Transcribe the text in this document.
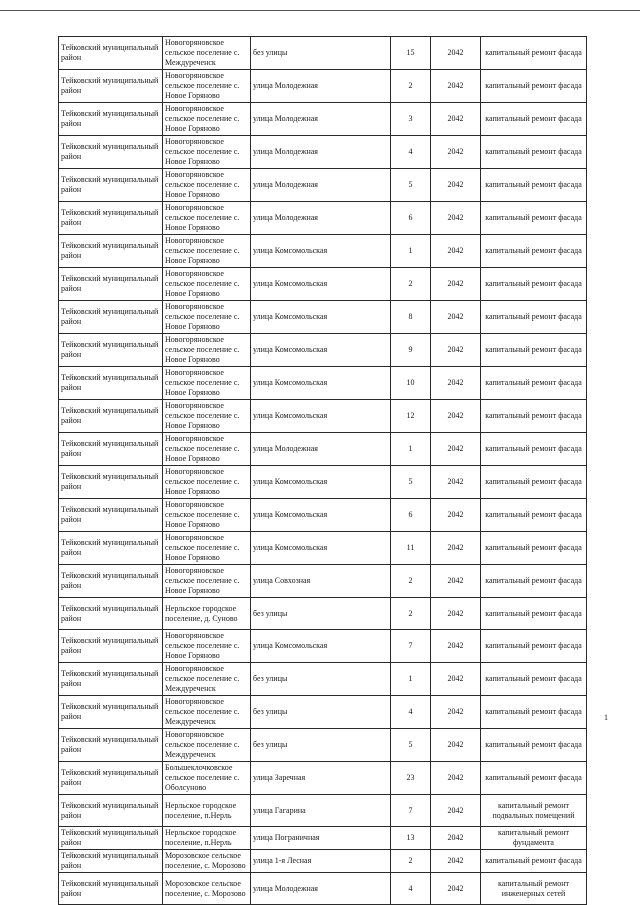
Тейковский муниципальный район	Новогоряновское сельское поселение с. Междуреченск	без улицы	15	2042	капитальный ремонт фасада
Тейковский муниципальный район	Новогоряновское сельское поселение с. Новое Горяново	улица Молодежная	2	2042	капитальный ремонт фасада
Тейковский муниципальный район	Новогоряновское сельское поселение с. Новое Горяново	улица Молодежная	3	2042	капитальный ремонт фасада
Тейковский муниципальный район	Новогоряновское сельское поселение с. Новое Горяново	улица Молодежная	4	2042	капитальный ремонт фасада
Тейковский муниципальный район	Новогоряновское сельское поселение с. Новое Горяново	улица Молодежная	5	2042	капитальный ремонт фасада
Тейковский муниципальный район	Новогоряновское сельское поселение с. Новое Горяново	улица Молодежная	6	2042	капитальный ремонт фасада
Тейковский муниципальный район	Новогоряновское сельское поселение с. Новое Горяново	улица Комсомольская	1	2042	капитальный ремонт фасада
Тейковский муниципальный район	Новогоряновское сельское поселение с. Новое Горяново	улица Комсомольская	2	2042	капитальный ремонт фасада
Тейковский муниципальный район	Новогоряновское сельское поселение с. Новое Горяново	улица Комсомольская	8	2042	капитальный ремонт фасада
Тейковский муниципальный район	Новогоряновское сельское поселение с. Новое Горяново	улица Комсомольская	9	2042	капитальный ремонт фасада
Тейковский муниципальный район	Новогоряновское сельское поселение с. Новое Горяново	улица Комсомольская	10	2042	капитальный ремонт фасада
Тейковский муниципальный район	Новогоряновское сельское поселение с. Новое Горяново	улица Комсомольская	12	2042	капитальный ремонт фасада
Тейковский муниципальный район	Новогоряновское сельское поселение с. Новое Горяново	улица Молодежная	1	2042	капитальный ремонт фасада
Тейковский муниципальный район	Новогоряновское сельское поселение с. Новое Горяново	улица Комсомольская	5	2042	капитальный ремонт фасада
Тейковский муниципальный район	Новогоряновское сельское поселение с. Новое Горяново	улица Комсомольская	6	2042	капитальный ремонт фасада
Тейковский муниципальный район	Новогоряновское сельское поселение с. Новое Горяново	улица Комсомольская	11	2042	капитальный ремонт фасада
Тейковский муниципальный район	Новогоряновское сельское поселение с. Новое Горяново	улица Совхозная	2	2042	капитальный ремонт фасада
Тейковский муниципальный район	Нерльское городское поселение, д. Суново	без улицы	2	2042	капитальный ремонт фасада
Тейковский муниципальный район	Новогоряновское сельское поселение с. Новое Горяново	улица Комсомольская	7	2042	капитальный ремонт фасада
Тейковский муниципальный район	Новогоряновское сельское поселение с. Междуреченск	без улицы	1	2042	капитальный ремонт фасада
Тейковский муниципальный район	Новогоряновское сельское поселение с. Междуреченск	без улицы	4	2042	капитальный ремонт фасада
Тейковский муниципальный район	Новогоряновское сельское поселение с. Междуреченск	без улицы	5	2042	капитальный ремонт фасада
Тейковский муниципальный район	Большеклочковское сельское поселение с. Оболсуново	улица Заречная	23	2042	капитальный ремонт фасада
Тейковский муниципальный район	Нерльское городское поселение, п.Нерль	улица Гагарина	7	2042	капитальный ремонт подвальных помещений
Тейковский муниципальный район	Нерльское городское поселение, п.Нерль	улица Пограничная	13	2042	капитальный ремонт фундамента
Тейковский муниципальный район	Морозовское сельское поселение, с. Морозово	улица 1-я Лесная	2	2042	капитальный ремонт фасада
Тейковский муниципальный район	Морозовское сельское поселение, с. Морозово	улица Молодежная	4	2042	капитальный ремонт инженерных сетей
1
